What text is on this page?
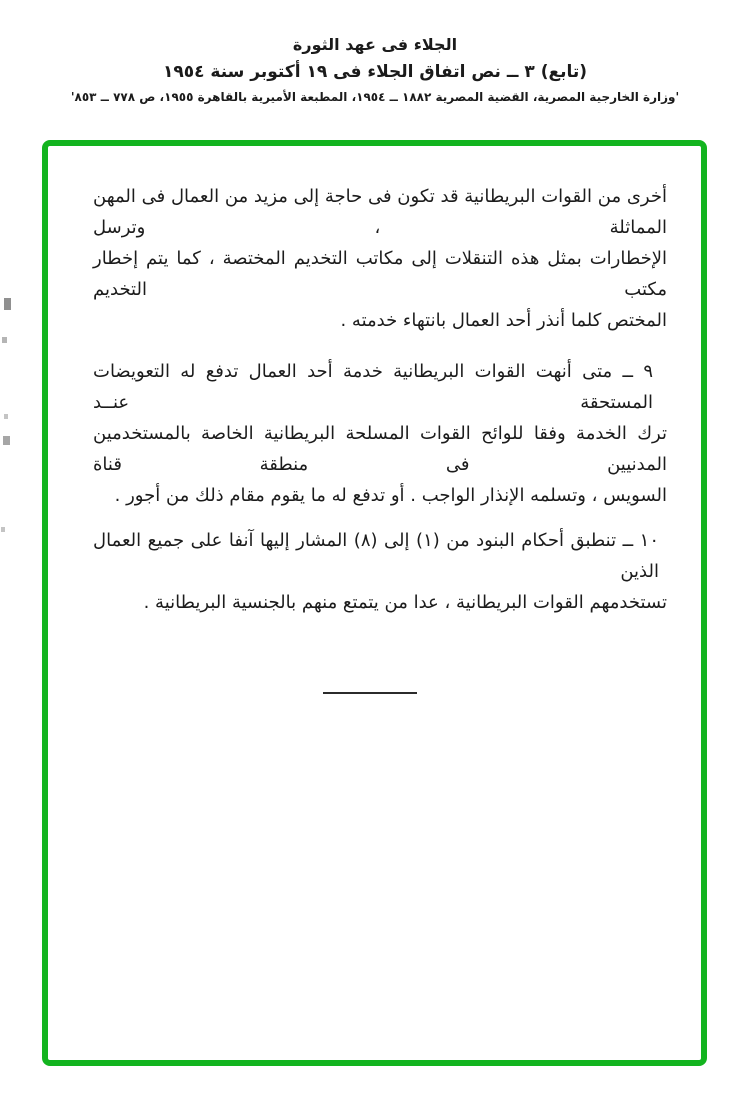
الجلاء فى عهد الثورة
(تابع) ٣ ــ نص اتفاق الجلاء فى ١٩ أكتوبر سنة ١٩٥٤
'وزارة الخارجية المصرية، القضية المصرية ١٨٨٢ ــ ١٩٥٤، المطبعة الأميرية بالقاهرة ١٩٥٥، ص ٧٧٨ ــ ٨٥٣'

أخرى من القوات البريطانية قد تكون فى حاجة إلى مزيد من العمال فى المهن المماثلة ، وترسل
الإخطارات بمثل هذه التنقلات إلى مكاتب التخديم المختصة ، كما يتم إخطار مكتب التخديم
المختص كلما أنذر أحد العمال بانتهاء خدمته .

٩ ــ متى أنهت القوات البريطانية خدمة أحد العمال تدفع له التعويضات المستحقة عنــد
ترك الخدمة وفقا للوائح القوات المسلحة البريطانية الخاصة بالمستخدمين المدنيين فى منطقة قناة
السويس ، وتسلمه الإنذار الواجب . أو تدفع له ما يقوم مقام ذلك من أجور .

١٠ ــ تنطبق أحكام البنود من (١) إلى (٨) المشار إليها آنفا على جميع العمال الذين
تستخدمهم القوات البريطانية ، عدا من يتمتع منهم بالجنسية البريطانية .
